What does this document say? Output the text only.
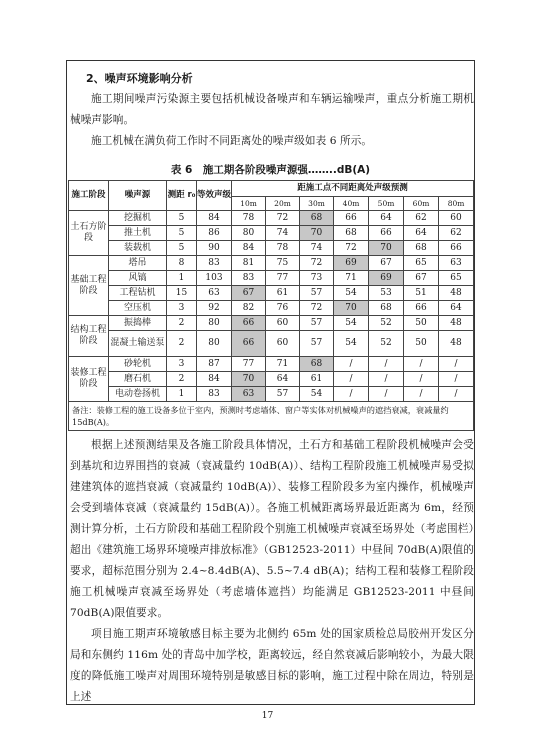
2、噪声环境影响分析

施工期间噪声污染源主要包括机械设备噪声和车辆运输噪声，重点分析施工期机械噪声影响。

施工机械在满负荷工作时不同距离处的噪声级如表 6 所示。

表 6　施工期各阶段噪声源强……..dB(A)
施工阶段	噪声源	测距 r₀	等效声级	距施工点不同距离处声级预测						
				10m	20m	30m	40m	50m	60m	80m
土石方阶段	挖掘机	5	84	78	72	68	66	64	62	60
	推土机	5	86	80	74	70	68	66	64	62
	装载机	5	90	84	78	74	72	70	68	66
基础工程阶段	塔吊	8	83	81	75	72	69	67	65	63
	风镐	1	103	83	77	73	71	69	67	65
	工程钻机	15	63	67	61	57	54	53	51	48
	空压机	3	92	82	76	72	70	68	66	64
结构工程阶段	振捣棒	2	80	66	60	57	54	52	50	48
	混凝土输送泵	2	80	66	60	57	54	52	50	48
装修工程阶段	砂轮机	3	87	77	71	68	/	/	/	/
	磨石机	2	84	70	64	61	/	/	/	/
	电动卷扬机	1	83	63	57	54	/	/	/	/
备注：装修工程的施工设备多位于室内，预测时考虑墙体、窗户等实体对机械噪声的遮挡衰减，衰减量约 15dB(A)。										

根据上述预测结果及各施工阶段具体情况，土石方和基础工程阶段机械噪声会受到基坑和边界围挡的衰减（衰减量约 10dB(A)）、结构工程阶段施工机械噪声易受拟建建筑体的遮挡衰减（衰减量约 10dB(A)）、装修工程阶段多为室内操作，机械噪声会受到墙体衰减（衰减量约 15dB(A)）。各施工机械距离场界最近距离为 6m，经预测计算分析，土石方阶段和基础工程阶段个别施工机械噪声衰减至场界处（考虑围栏）超出《建筑施工场界环境噪声排放标准》（GB12523-2011）中昼间 70dB(A)限值的要求，超标范围分别为 2.4~8.4dB(A)、5.5~7.4 dB(A)；结构工程和装修工程阶段施工机械噪声衰减至场界处（考虑墙体遮挡）均能满足 GB12523-2011 中昼间 70dB(A)限值要求。

项目施工期声环境敏感目标主要为北侧约 65m 处的国家质检总局胶州开发区分局和东侧约 116m 处的青岛中加学校，距离较远，经自然衰减后影响较小，为最大限度的降低施工噪声对周围环境特别是敏感目标的影响，施工过程中除在周边，特别是上述

17
